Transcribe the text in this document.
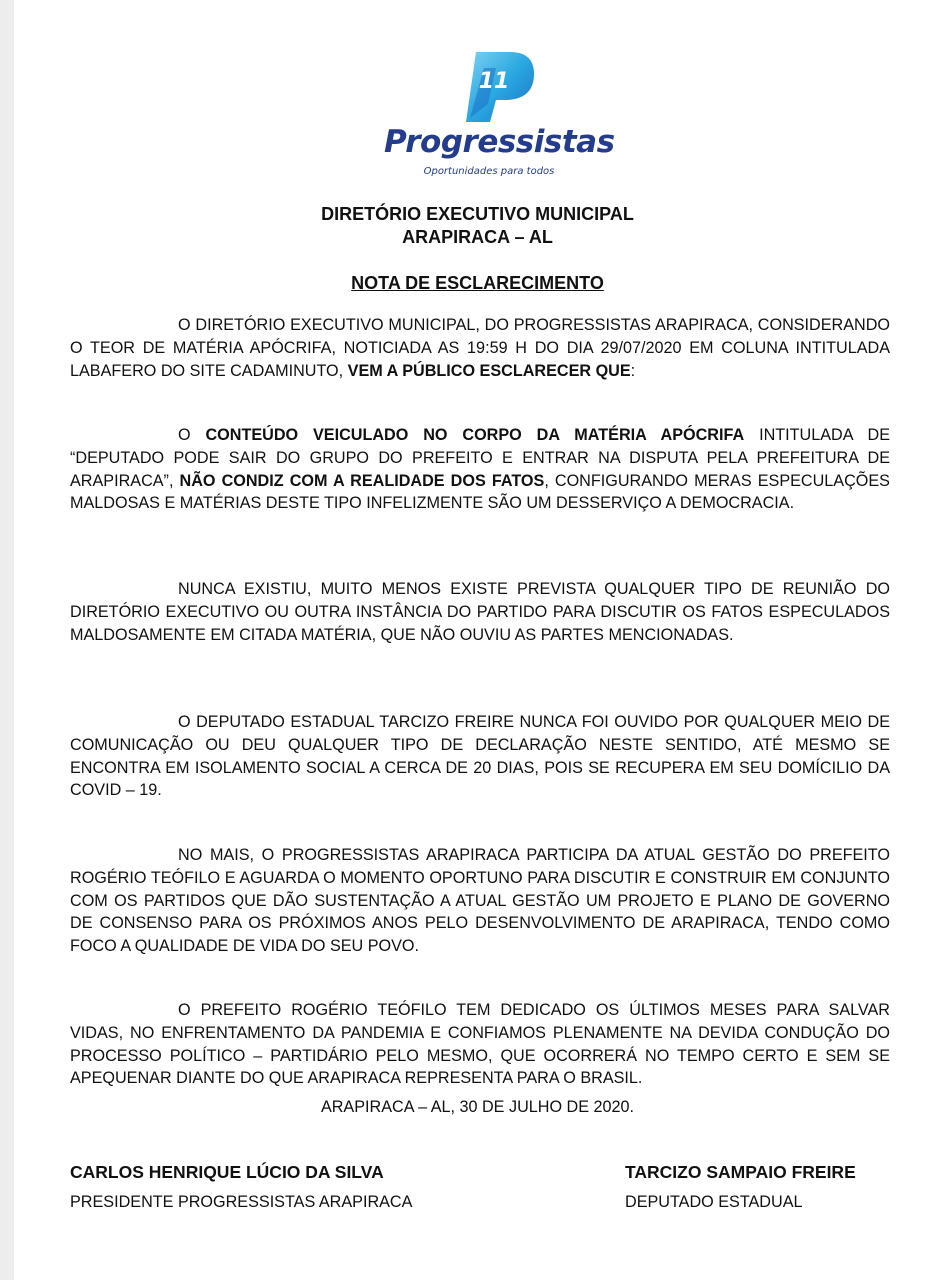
11
Progressistas
Oportunidades para todos
DIRETÓRIO EXECUTIVO MUNICIPAL
ARAPIRACA – AL
NOTA DE ESCLARECIMENTO

O DIRETÓRIO EXECUTIVO MUNICIPAL, DO PROGRESSISTAS ARAPIRACA, CONSIDERANDO O TEOR DE MATÉRIA APÓCRIFA, NOTICIADA AS 19:59 H DO DIA 29/07/2020 EM COLUNA INTITULADA LABAFERO DO SITE CADAMINUTO, VEM A PÚBLICO ESCLARECER QUE:

O CONTEÚDO VEICULADO NO CORPO DA MATÉRIA APÓCRIFA INTITULADA DE “DEPUTADO PODE SAIR DO GRUPO DO PREFEITO E ENTRAR NA DISPUTA PELA PREFEITURA DE ARAPIRACA”, NÃO CONDIZ COM A REALIDADE DOS FATOS, CONFIGURANDO MERAS ESPECULAÇÕES MALDOSAS E MATÉRIAS DESTE TIPO INFELIZMENTE SÃO UM DESSERVIÇO A DEMOCRACIA.

NUNCA EXISTIU, MUITO MENOS EXISTE PREVISTA QUALQUER TIPO DE REUNIÃO DO DIRETÓRIO EXECUTIVO OU OUTRA INSTÂNCIA DO PARTIDO PARA DISCUTIR OS FATOS ESPECULADOS MALDOSAMENTE EM CITADA MATÉRIA, QUE NÃO OUVIU AS PARTES MENCIONADAS.

O DEPUTADO ESTADUAL TARCIZO FREIRE NUNCA FOI OUVIDO POR QUALQUER MEIO DE COMUNICAÇÃO OU DEU QUALQUER TIPO DE DECLARAÇÃO NESTE SENTIDO, ATÉ MESMO SE ENCONTRA EM ISOLAMENTO SOCIAL A CERCA DE 20 DIAS, POIS SE RECUPERA EM SEU DOMÍCILIO DA COVID – 19.

NO MAIS, O PROGRESSISTAS ARAPIRACA PARTICIPA DA ATUAL GESTÃO DO PREFEITO ROGÉRIO TEÓFILO E AGUARDA O MOMENTO OPORTUNO PARA DISCUTIR E CONSTRUIR EM CONJUNTO COM OS PARTIDOS QUE DÃO SUSTENTAÇÃO A ATUAL GESTÃO UM PROJETO E PLANO DE GOVERNO DE CONSENSO PARA OS PRÓXIMOS ANOS PELO DESENVOLVIMENTO DE ARAPIRACA, TENDO COMO FOCO A QUALIDADE DE VIDA DO SEU POVO.

O PREFEITO ROGÉRIO TEÓFILO TEM DEDICADO OS ÚLTIMOS MESES PARA SALVAR VIDAS, NO ENFRENTAMENTO DA PANDEMIA E CONFIAMOS PLENAMENTE NA DEVIDA CONDUÇÃO DO PROCESSO POLÍTICO – PARTIDÁRIO PELO MESMO, QUE OCORRERÁ NO TEMPO CERTO E SEM SE APEQUENAR DIANTE DO QUE ARAPIRACA REPRESENTA PARA O BRASIL.

ARAPIRACA – AL, 30 DE JULHO DE 2020.
CARLOS HENRIQUE LÚCIO DA SILVA
PRESIDENTE PROGRESSISTAS ARAPIRACA
TARCIZO SAMPAIO FREIRE
DEPUTADO ESTADUAL
